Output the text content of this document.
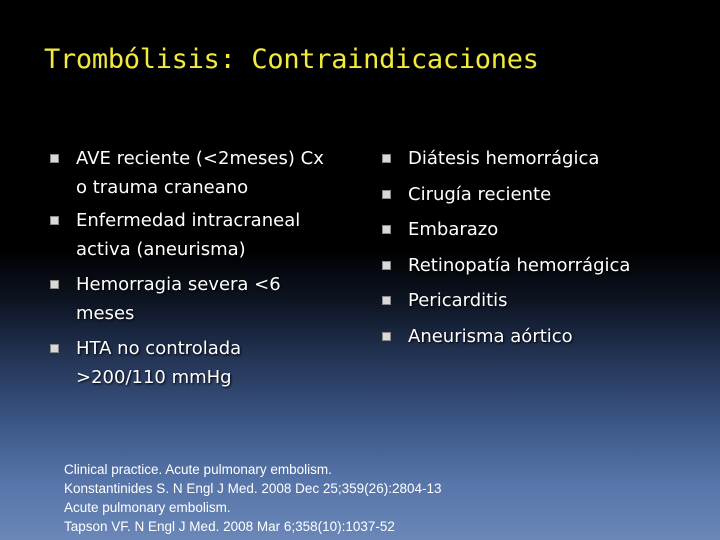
Trombólisis: Contraindicaciones
AVE reciente (<2meses) Cx
o trauma craneano
Enfermedad intracraneal
activa (aneurisma)
Hemorragia severa <6
meses
HTA no controlada
>200/110 mmHg
Diátesis hemorrágica
Cirugía reciente
Embarazo
Retinopatía hemorrágica
Pericarditis
Aneurisma aórtico
Clinical practice. Acute pulmonary embolism.
Konstantinides S. N Engl J Med. 2008 Dec 25;359(26):2804-13
Acute pulmonary embolism.
Tapson VF. N Engl J Med. 2008 Mar 6;358(10):1037-52
